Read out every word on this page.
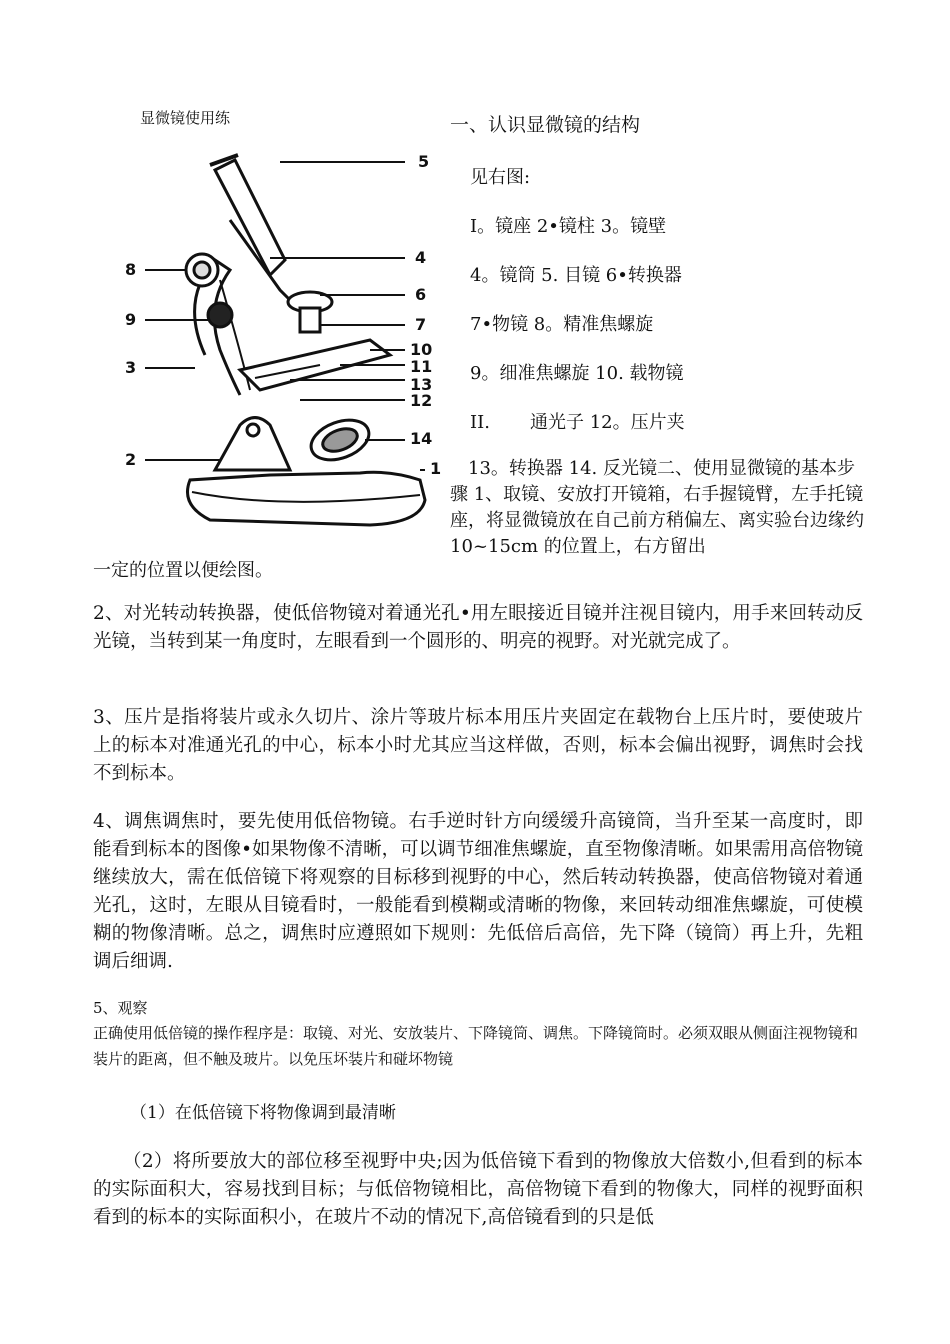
显微镜使用练	一、认识显微镜的结构
5
4
6
7
10
11
13
12
14
1
8
9
3
2
见右图:
I。镜座 2•镜柱 3。镜壁
4。镜筒 5. 目镜 6•转换器
7•物镜 8。精准焦螺旋
9。细准焦螺旋 10. 载物镜
II.       通光子 12。压片夹
13。转换器 14. 反光镜二、使用显微镜的基本步骤 1、取镜、安放打开镜箱，右手握镜臂，左手托镜座，将显微镜放在自己前方稍偏左、离实验台边缘约 10~15cm 的位置上，右方留出
一定的位置以便绘图。
2、对光转动转换器，使低倍物镜对着通光孔•用左眼接近目镜并注视目镜内，用手来回转动反光镜，当转到某一角度时，左眼看到一个圆形的、明亮的视野。对光就完成了。
3、压片是指将装片或永久切片、涂片等玻片标本用压片夹固定在载物台上压片时，要使玻片上的标本对准通光孔的中心，标本小时尤其应当这样做，否则，标本会偏出视野，调焦时会找不到标本。
4、调焦调焦时，要先使用低倍物镜。右手逆时针方向缓缓升高镜筒，当升至某一高度时，即能看到标本的图像•如果物像不清晰，可以调节细准焦螺旋，直至物像清晰。如果需用高倍物镜继续放大，需在低倍镜下将观察的目标移到视野的中心，然后转动转换器，使高倍物镜对着通光孔，这时，左眼从目镜看时，一般能看到模糊或清晰的物像，来回转动细准焦螺旋，可使模糊的物像清晰。总之，调焦时应遵照如下规则：先低倍后高倍，先下降（镜筒）再上升，先粗调后细调.
5、观察
正确使用低倍镜的操作程序是：取镜、对光、安放装片、下降镜筒、调焦。下降镜筒时。必须双眼从侧面注视物镜和装片的距离，但不触及玻片。以免压坏装片和碰坏物镜
（1）在低倍镜下将物像调到最清晰
（2）将所要放大的部位移至视野中央;因为低倍镜下看到的物像放大倍数小,但看到的标本的实际面积大，容易找到目标；与低倍物镜相比，高倍物镜下看到的物像大，同样的视野面积看到的标本的实际面积小，在玻片不动的情况下,高倍镜看到的只是低
